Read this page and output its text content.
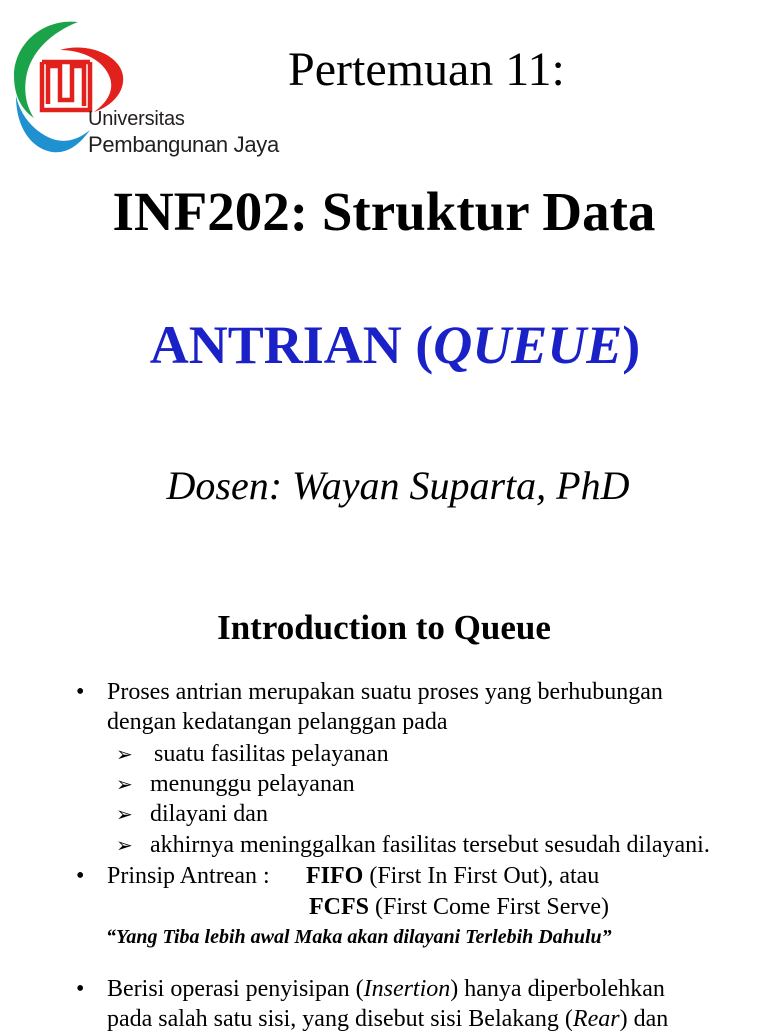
Universitas
Pembangunan Jaya
Pertemuan 11:
INF202: Struktur Data
ANTRIAN (QUEUE)
Dosen: Wayan Suparta, PhD
Introduction to Queue
• Proses antrian merupakan suatu proses yang berhubungan
dengan kedatangan pelanggan pada
➢ suatu fasilitas pelayanan
➢ menunggu pelayanan
➢ dilayani dan
➢ akhirnya meninggalkan fasilitas tersebut sesudah dilayani.
• Prinsip Antrean : FIFO (First In First Out), atau
FCFS (First Come First Serve)
“Yang Tiba lebih awal Maka akan dilayani Terlebih Dahulu”
• Berisi operasi penyisipan (Insertion) hanya diperbolehkan
pada salah satu sisi, yang disebut sisi Belakang (Rear) dan
